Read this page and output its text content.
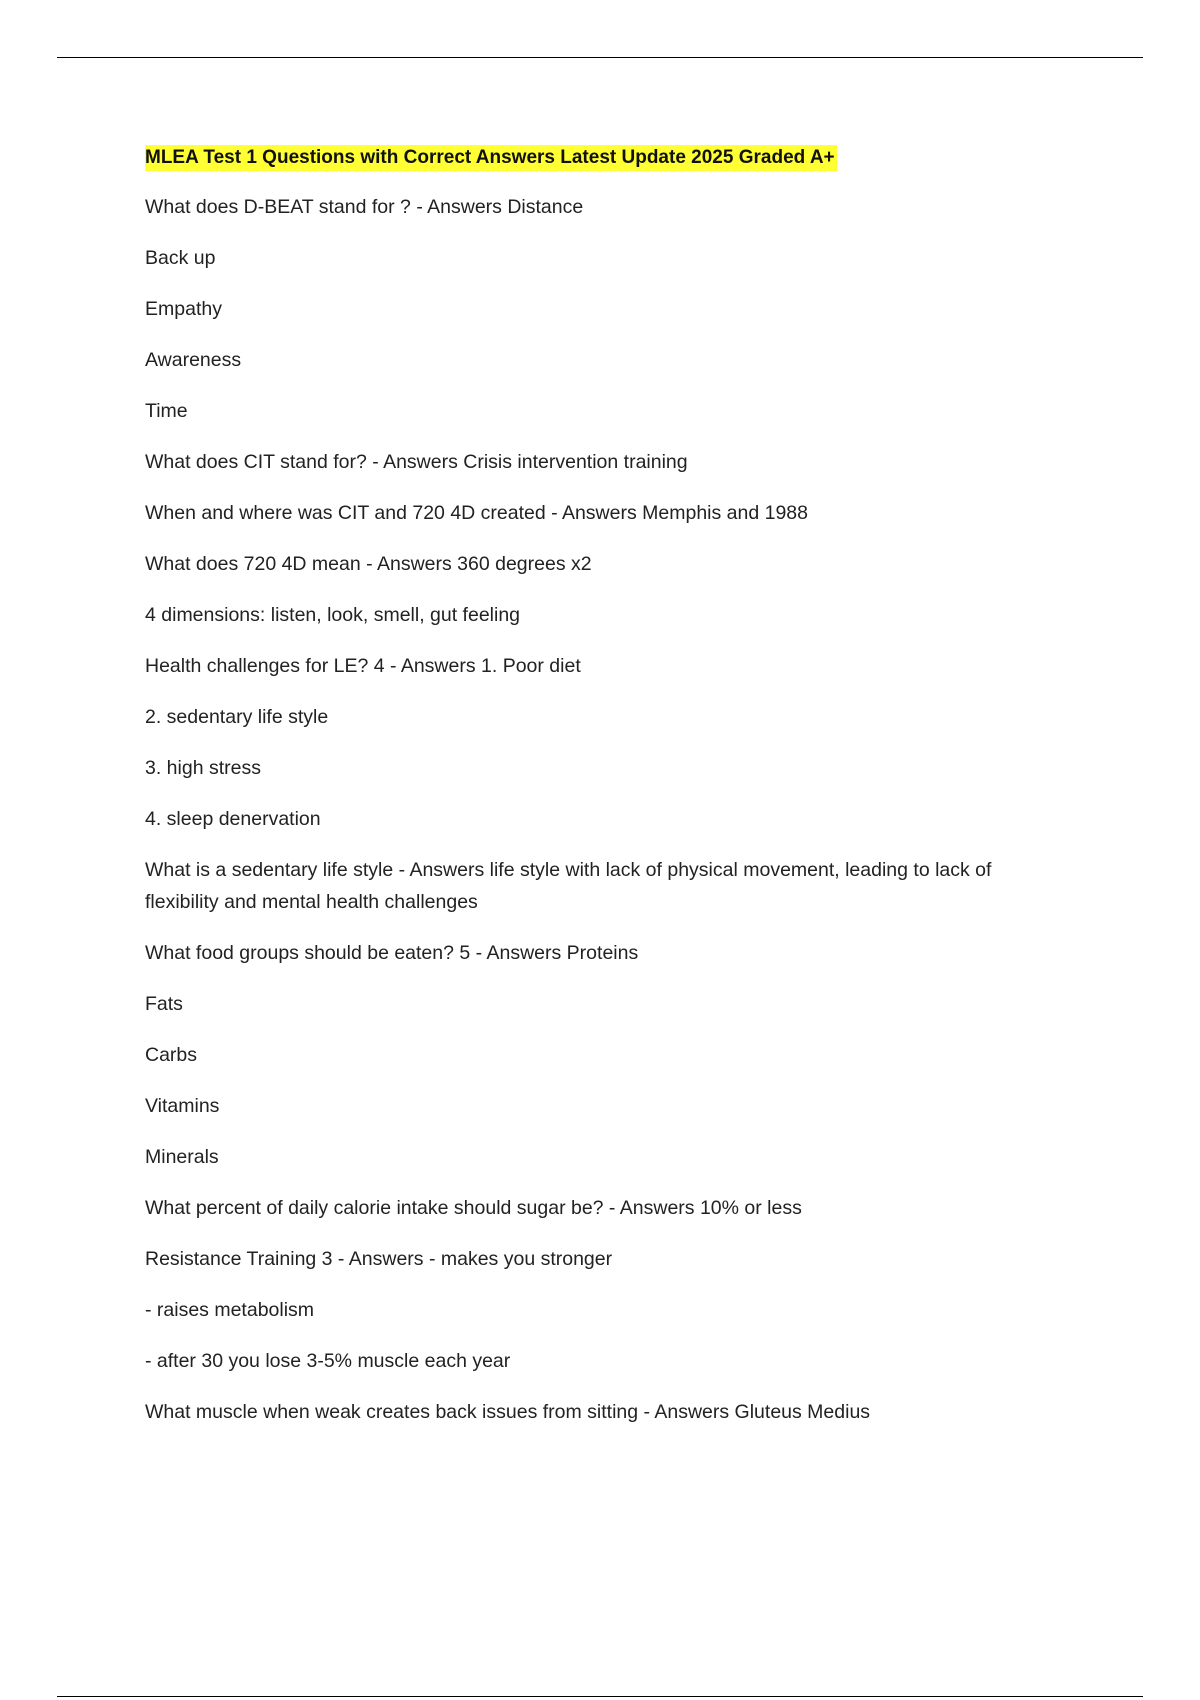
MLEA Test 1 Questions with Correct Answers Latest Update 2025 Graded A+
What does D-BEAT stand for ? - Answers Distance
Back up
Empathy
Awareness
Time
What does CIT stand for? - Answers Crisis intervention training
When and where was CIT and 720 4D created - Answers Memphis and 1988
What does 720 4D mean - Answers 360 degrees x2
4 dimensions: listen, look, smell, gut feeling
Health challenges for LE? 4 - Answers 1. Poor diet
2. sedentary life style
3. high stress
4. sleep denervation
What is a sedentary life style - Answers life style with lack of physical movement, leading to lack of flexibility and mental health challenges
What food groups should be eaten? 5 - Answers Proteins
Fats
Carbs
Vitamins
Minerals
What percent of daily calorie intake should sugar be? - Answers 10% or less
Resistance Training 3 - Answers - makes you stronger
- raises metabolism
- after 30 you lose 3-5% muscle each year
What muscle when weak creates back issues from sitting - Answers Gluteus Medius
